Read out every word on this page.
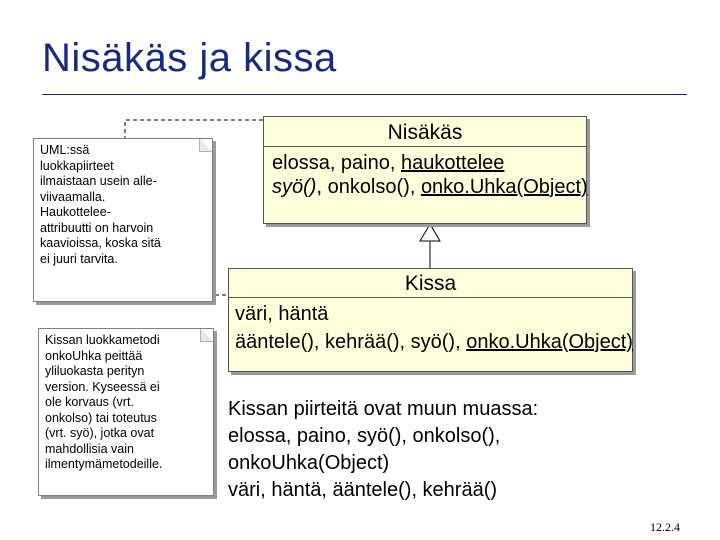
Nisäkäs ja kissa

UML:ssä
luokkapiirteet
ilmaistaan usein alle-
viivaamalla.
Haukottelee-
attribuutti on harvoin
kaavioissa, koska sitä
ei juuri tarvita.

Kissan luokkametodi
onkoUhka peittää
yliluokasta perityn
version. Kyseessä ei
ole korvaus (vrt.
onkolso) tai toteutus
(vrt. syö), jotka ovat
mahdollisia vain
ilmentymämetodeille.

Nisäkäs
elossa, paino, haukottelee
syö(), onkolso(), onko.Uhka(Object)
Kissa
väri, häntä
ääntele(), kehrää(), syö(), onko.Uhka(Object)
Kissan piirteitä ovat muun muassa:
elossa, paino, syö(), onkolso(),
onkoUhka(Object)
väri, häntä, ääntele(), kehrää()
12.2.4
